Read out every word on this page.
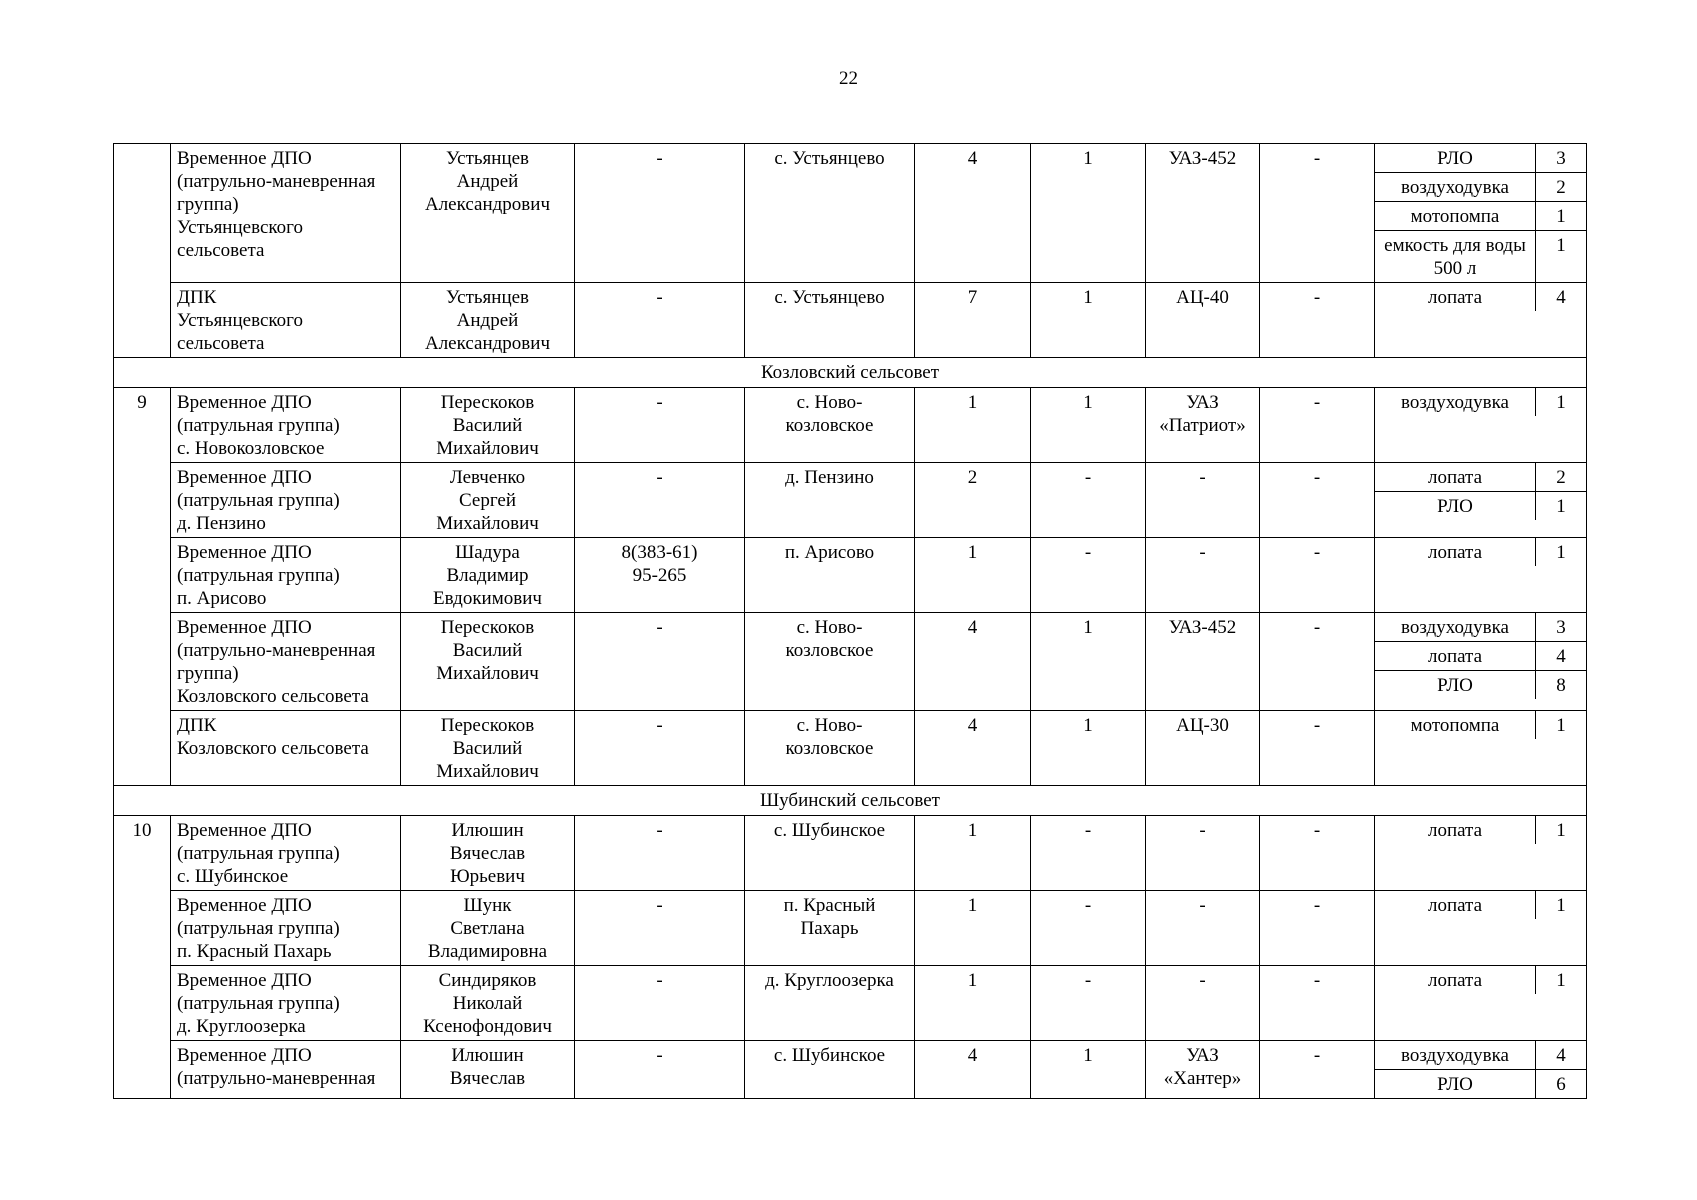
22
	Временное ДПО
(патрульно-маневренная
группа)
Устьянцевского
сельсовета	Устьянцев
Андрей
Александрович	-	с. Устьянцево	4	1	УАЗ-452	-		РЛО	3
воздуходувка	2
мотопомпа	1
емкость для воды
500 л	1

ДПК
Устьянцевского
сельсовета	Устьянцев
Андрей
Александрович	-	с. Устьянцево	7	1	АЦ-40	-		лопата	4

Козловский сельсовет
9	Временное ДПО
(патрульная группа)
с. Новокозловское	Перескоков
Василий
Михайлович	-	с. Ново-
козловское	1	1	УАЗ
«Патриот»	-		воздуходувка	1

Временное ДПО
(патрульная группа)
д. Пензино	Левченко
Сергей
Михайлович	-	д. Пензино	2	-	-	-		лопата	2
РЛО	1

Временное ДПО
(патрульная группа)
п. Арисово	Шадура
Владимир
Евдокимович	8(383-61)
95-265	п. Арисово	1	-	-	-		лопата	1

Временное ДПО
(патрульно-маневренная
группа)
Козловского сельсовета	Перескоков
Василий
Михайлович	-	с. Ново-
козловское	4	1	УАЗ-452	-		воздуходувка	3
лопата	4
РЛО	8

ДПК
Козловского сельсовета	Перескоков
Василий
Михайлович	-	с. Ново-
козловское	4	1	АЦ-30	-		мотопомпа	1

Шубинский сельсовет
10	Временное ДПО
(патрульная группа)
с. Шубинское	Илюшин
Вячеслав
Юрьевич	-	с. Шубинское	1	-	-	-		лопата	1

Временное ДПО
(патрульная группа)
п. Красный Пахарь	Шунк
Светлана
Владимировна	-	п. Красный
Пахарь	1	-	-	-		лопата	1

Временное ДПО
(патрульная группа)
д. Круглоозерка	Синдиряков
Николай
Ксенофондович	-	д. Круглоозерка	1	-	-	-		лопата	1

Временное ДПО
(патрульно-маневренная	Илюшин
Вячеслав	-	с. Шубинское	4	1	УАЗ
«Хантер»	-		воздуходувка	4
РЛО	6
